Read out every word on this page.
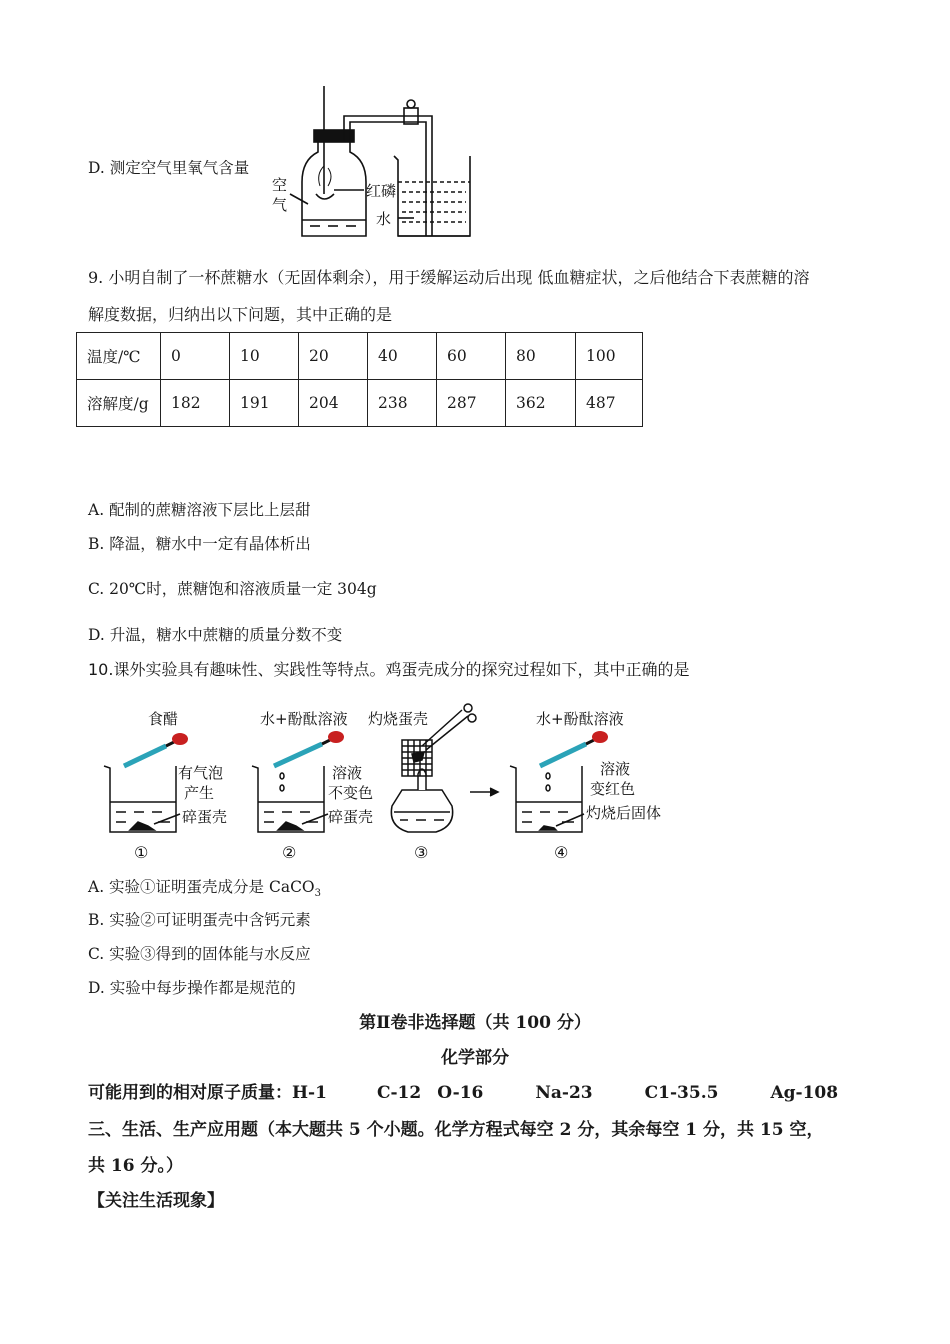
D. 测定空气里氧气含量
空
气
红磷
水
9. 小明自制了一杯蔗糖水（无固体剩余），用于缓解运动后出现 低血糖症状，之后他结合下表蔗糖的溶
解度数据，归纳出以下问题，其中正确的是
温度/℃	0	10	20	40	60	80	100
溶解度/g	182	191	204	238	287	362	487
A. 配制的蔗糖溶液下层比上层甜
B. 降温，糖水中一定有晶体析出
C. 20℃时，蔗糖饱和溶液质量一定 304g
D. 升温，糖水中蔗糖的质量分数不变
10.课外实验具有趣味性、实践性等特点。鸡蛋壳成分的探究过程如下，其中正确的是
食醋
有气泡
产生
碎蛋壳
水+酚酞溶液
溶液
不变色
碎蛋壳
灼烧蛋壳	水+酚酞溶液
溶液
变红色
灼烧后固体
①	②	③	④
A. 实验①证明蛋壳成分是 CaCO$_3$
B. 实验②可证明蛋壳中含钙元素
C. 实验③得到的固体能与水反应
D. 实验中每步操作都是规范的
第Ⅱ卷非选择题（共 100 分）
化学部分
可能用到的相对原子质量：H-1	C-12 O-16	Na-23	C1-35.5	Ag-108
三、生活、生产应用题（本大题共 5 个小题。化学方程式每空 2 分，其余每空 1 分，共 15 空，
共 16 分。）
【关注生活现象】
